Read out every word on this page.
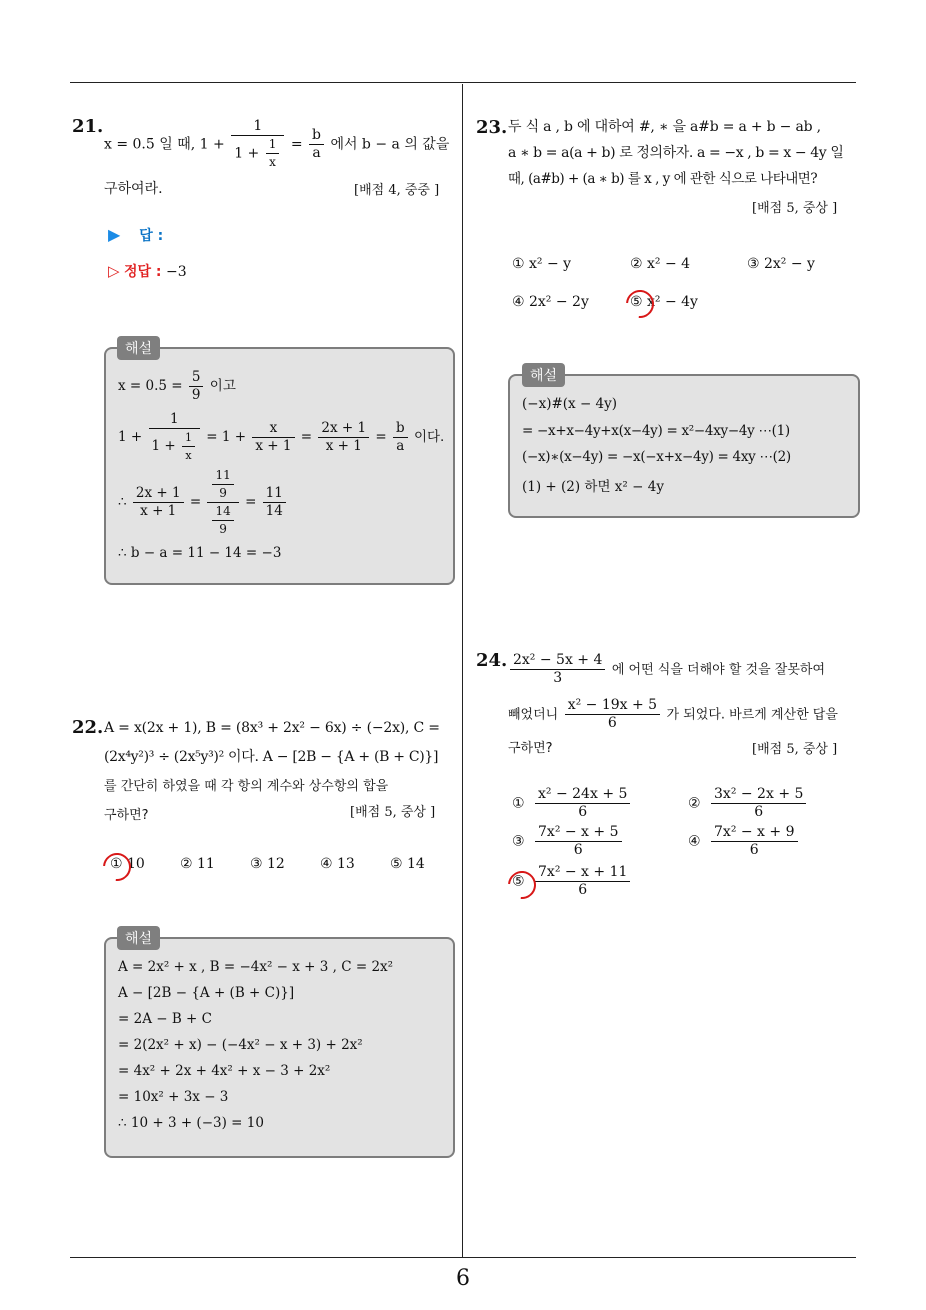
6
21.
x = 0.5̇ 일 때, $1 + \frac{1}{1 + \frac{1}{x}} = \frac{b}{a}$ 에서 b − a 의 값을
구하여라.	[배점 4, 중중 ]
▶ 답 :
▷ 정답 : −3
x = 0.5̇ = $\frac{5}{9}$ 이고
$1 + \frac{1}{1 + \frac{1}{x}} = 1 + \frac{x}{x + 1} = \frac{2x + 1}{x + 1} = \frac{b}{a}$ 이다.
∴ $\frac{2x + 1}{x + 1} = \frac{\frac{11}{9}}{\frac{14}{9}} = \frac{11}{14}$
∴ b − a = 11 − 14 = −3
해설
22. A = x(2x + 1), B = (8x³ + 2x² − 6x) ÷ (−2x), C =

(2x⁴y²)³ ÷ (2x⁵y³)² 이다. A − [2B − {A + (B + C)}]

를 간단히 하였을 때 각 항의 계수와 상수항의 합을

구하면?	[배점 5, 중상 ]
① 10	② 11	③ 12	④ 13	⑤ 14
A = 2x² + x , B = −4x² − x + 3 , C = 2x²
A − [2B − {A + (B + C)}]
= 2A − B + C
= 2(2x² + x) − (−4x² − x + 3) + 2x²
= 4x² + 2x + 4x² + x − 3 + 2x²
= 10x² + 3x − 3
∴ 10 + 3 + (−3) = 10
해설
23. 두 식 a , b 에 대하여 #, ∗ 을 a#b = a + b − ab ,

a ∗ b = a(a + b) 로 정의하자. a = −x , b = x − 4y 일

때, (a#b) + (a ∗ b) 를 x , y 에 관한 식으로 나타내면?

[배점 5, 중상 ]
① x² − y	② x² − 4	③ 2x² − y
④ 2x² − 2y	⑤ x² − 4y
(−x)#(x − 4y)
= −x+x−4y+x(x−4y) = x²−4xy−4y ⋯(1)
(−x)∗(x−4y) = −x(−x+x−4y) = 4xy ⋯(2)
(1) + (2) 하면 x² − 4y
해설
24. $\frac{\text{2x² − 5x + 4}}{3}$ 에 어떤 식을 더해야 할 것을 잘못하여
빼었더니 $\frac{\text{x² − 19x + 5}}{6}$ 가 되었다. 바르게 계산한 답을
구하면?	[배점 5, 중상 ]
① $\frac{\text{x² − 24x + 5}}{6}$	② $\frac{\text{3x² − 2x + 5}}{6}$
③ $\frac{\text{7x² − x + 5}}{6}$	④ $\frac{\text{7x² − x + 9}}{6}$
⑤ $\frac{\text{7x² − x + 11}}{6}$
